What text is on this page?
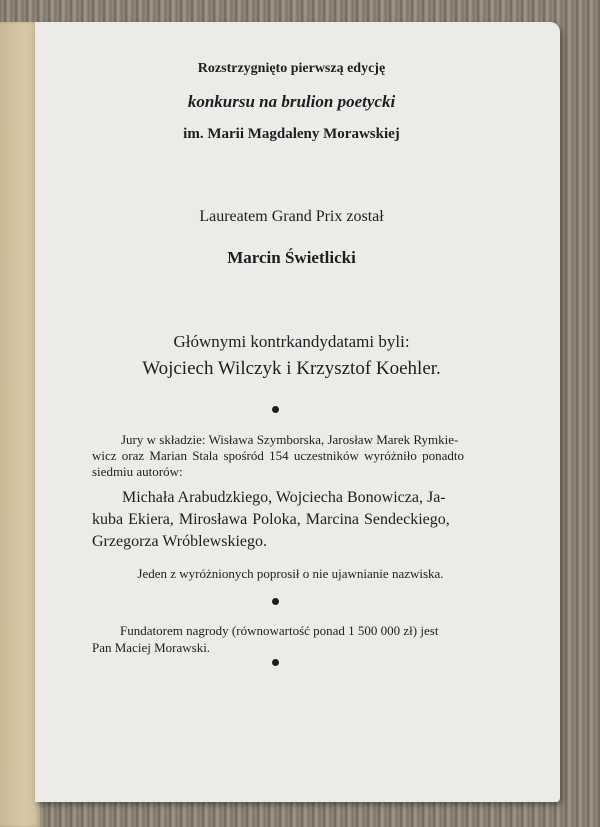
Rozstrzygnięto pierwszą edycję
konkursu na brulion poetycki
im. Marii Magdaleny Morawskiej
Laureatem Grand Prix został
Marcin Świetlicki
Głównymi kontrkandydatami byli:
Wojciech Wilczyk i Krzysztof Koehler.
Jury w składzie: Wisława Szymborska, Jarosław Marek Rymkie-
wicz oraz Marian Stala spośród 154 uczestników wyróżniło ponadto
siedmiu autorów:
Michała Arabudzkiego, Wojciecha Bonowicza, Ja-
kuba Ekiera, Mirosława Poloka, Marcina Sendeckiego,
Grzegorza Wróblewskiego.
Jeden z wyróżnionych poprosił o nie ujawnianie nazwiska.
Fundatorem nagrody (równowartość ponad 1 500 000 zł) jest
Pan Maciej Morawski.
